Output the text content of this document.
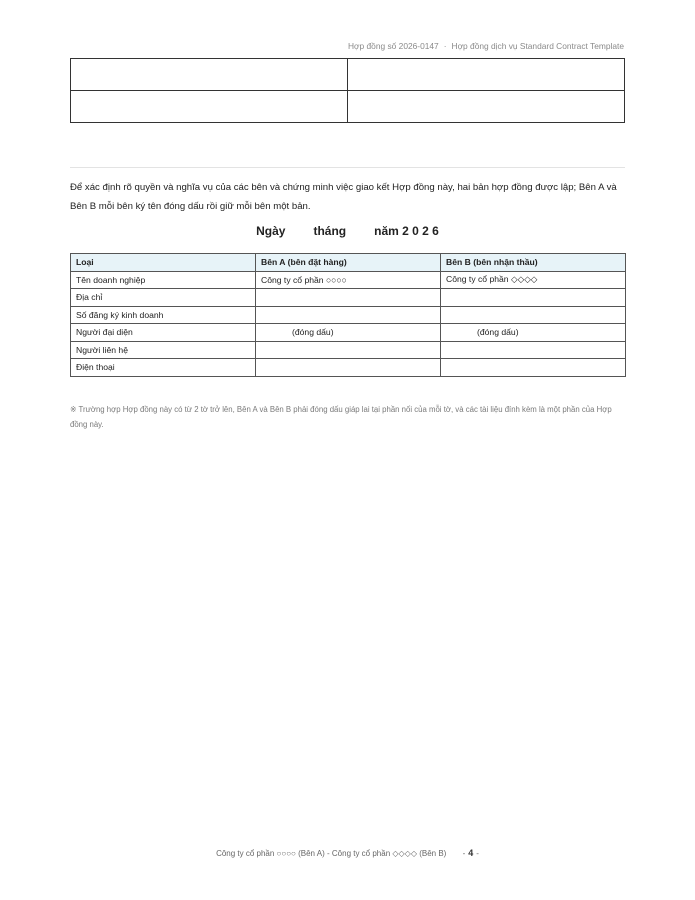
Hợp đồng số 2026-0147 · Hợp đồng dịch vụ Standard Contract Template

Để xác định rõ quyền và nghĩa vụ của các bên và chứng minh việc giao kết Hợp đồng này, hai bản hợp đồng được lập; Bên A và Bên B mỗi bên ký tên đóng dấu rồi giữ mỗi bên một bản.

Ngày tháng năm 2 0 2 6
Loại	Bên A (bên đặt hàng)	Bên B (bên nhận thầu)
Tên doanh nghiệp	Công ty cổ phần ○○○○	Công ty cổ phần ◇◇◇◇
Địa chỉ		
Số đăng ký kinh doanh		
Người đại diện	(đóng dấu)	(đóng dấu)
Người liên hệ		
Điện thoại		

※ Trường hợp Hợp đồng này có từ 2 tờ trở lên, Bên A và Bên B phải đóng dấu giáp lai tại phần nối của mỗi tờ, và các tài liệu đính kèm là một phần của Hợp đồng này.

Công ty cổ phần ○○○○ (Bên A) - Công ty cổ phần ◇◇◇◇ (Bên B) - 4 -
